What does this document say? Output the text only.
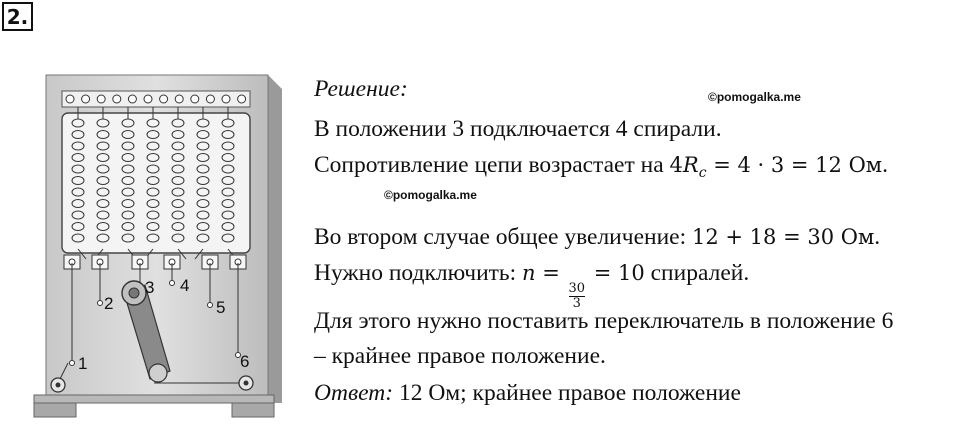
2.
1
2
3 4
5
6
©pomogalka.me
©pomogalka.me
Решение:
В положении 3 подключается 4 спирали.
Сопротивление цепи возрастает на $4R_с = 4 \cdot 3 = 12$ Ом.
Во втором случае общее увеличение: 12 + 18 = 30 Ом.
Нужно подключить: n =
$\frac{30}{3}$
= 10 спиралей.
Для этого нужно поставить переключатель в положение 6
– крайнее правое положение.
Ответ: 12 Ом; крайнее правое положение
